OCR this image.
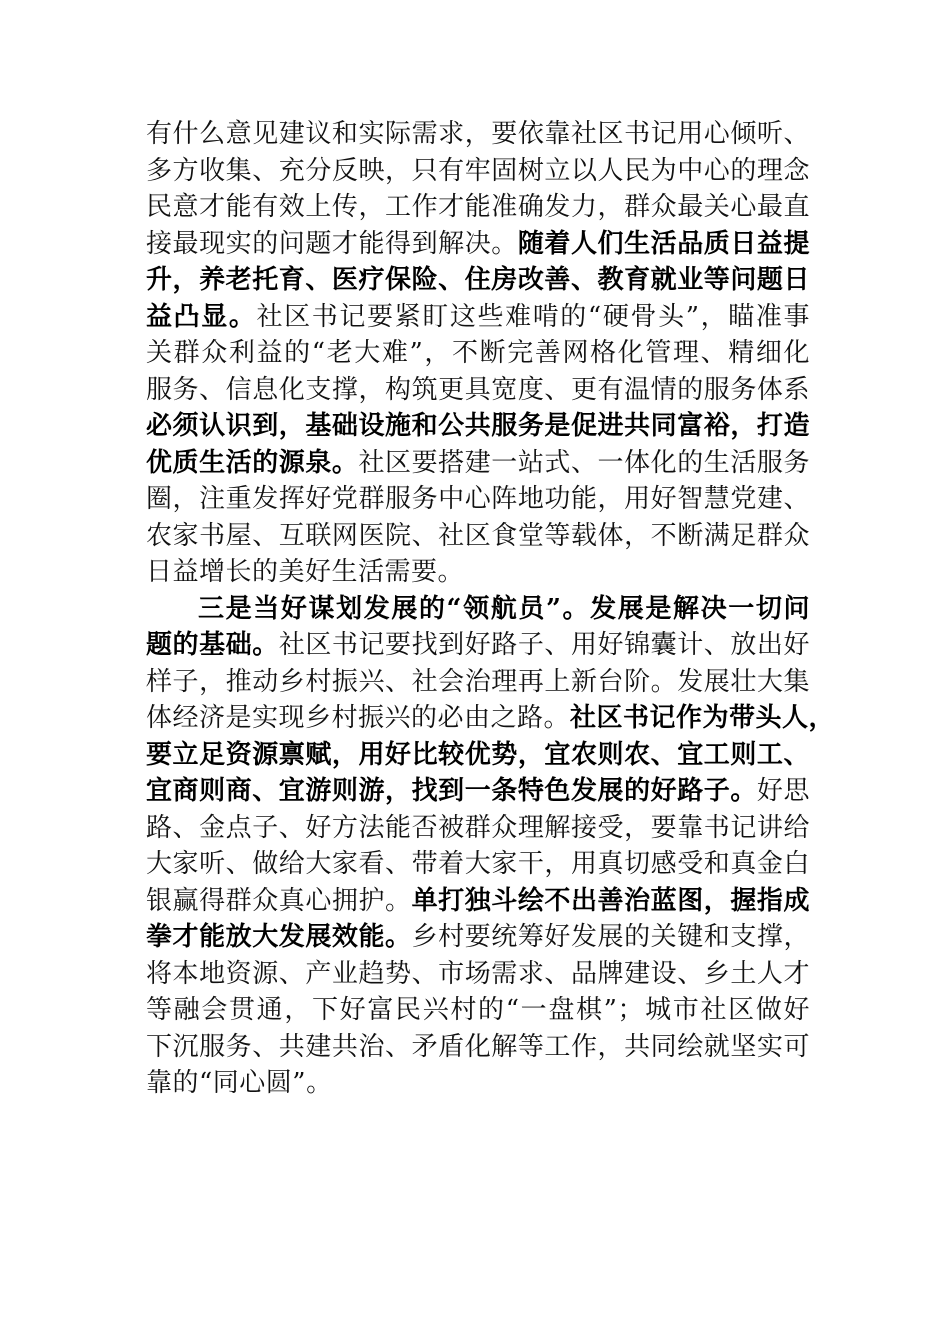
有什么意见建议和实际需求，要依靠社区书记用心倾听、
多方收集、充分反映，只有牢固树立以人民为中心的理念
民意才能有效上传，工作才能准确发力，群众最关心最直
接最现实的问题才能得到解决。随着人们生活品质日益提
升，养老托育、医疗保险、住房改善、教育就业等问题日
益凸显。社区书记要紧盯这些难啃的“硬骨头”，瞄准事
关群众利益的“老大难”，不断完善网格化管理、精细化
服务、信息化支撑，构筑更具宽度、更有温情的服务体系
必须认识到，基础设施和公共服务是促进共同富裕，打造
优质生活的源泉。社区要搭建一站式、一体化的生活服务
圈，注重发挥好党群服务中心阵地功能，用好智慧党建、
农家书屋、互联网医院、社区食堂等载体，不断满足群众
日益增长的美好生活需要。
三是当好谋划发展的“领航员”。发展是解决一切问
题的基础。社区书记要找到好路子、用好锦囊计、放出好
样子，推动乡村振兴、社会治理再上新台阶。发展壮大集
体经济是实现乡村振兴的必由之路。社区书记作为带头人，
要立足资源禀赋，用好比较优势，宜农则农、宜工则工、
宜商则商、宜游则游，找到一条特色发展的好路子。好思
路、金点子、好方法能否被群众理解接受，要靠书记讲给
大家听、做给大家看、带着大家干，用真切感受和真金白
银赢得群众真心拥护。单打独斗绘不出善治蓝图，握指成
拳才能放大发展效能。乡村要统筹好发展的关键和支撑，
将本地资源、产业趋势、市场需求、品牌建设、乡土人才
等融会贯通，下好富民兴村的“一盘棋”；城市社区做好
下沉服务、共建共治、矛盾化解等工作，共同绘就坚实可
靠的“同心圆”。
